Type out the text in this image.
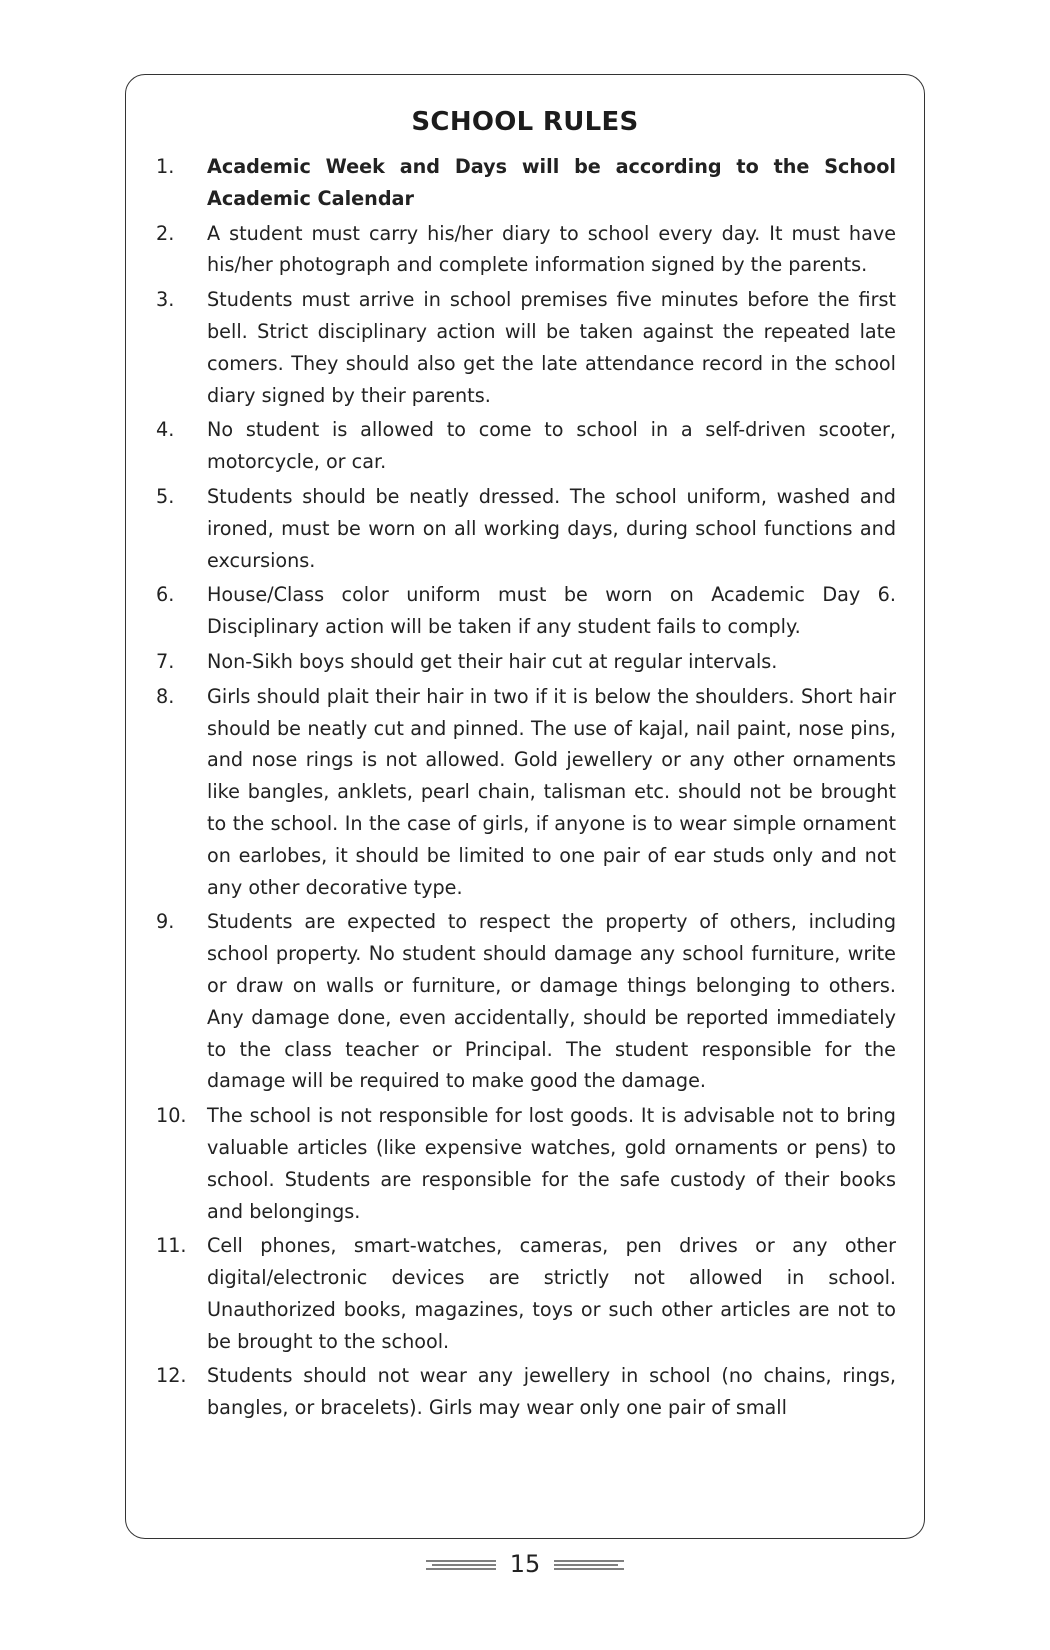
SCHOOL RULES
1. Academic Week and Days will be according to the School Academic Calendar
2. A student must carry his/her diary to school every day. It must have his/her photograph and complete information signed by the parents.
3. Students must arrive in school premises five minutes before the first bell. Strict disciplinary action will be taken against the repeated late comers. They should also get the late attendance record in the school diary signed by their parents.
4. No student is allowed to come to school in a self-driven scooter, motorcycle, or car.
5. Students should be neatly dressed. The school uniform, washed and ironed, must be worn on all working days, during school functions and excursions.
6. House/Class color uniform must be worn on Academic Day 6. Disciplinary action will be taken if any student fails to comply.
7. Non-Sikh boys should get their hair cut at regular intervals.
8. Girls should plait their hair in two if it is below the shoulders. Short hair should be neatly cut and pinned. The use of kajal, nail paint, nose pins, and nose rings is not allowed. Gold jewellery or any other ornaments like bangles, anklets, pearl chain, talisman etc. should not be brought to the school. In the case of girls, if anyone is to wear simple ornament on earlobes, it should be limited to one pair of ear studs only and not any other decorative type.
9. Students are expected to respect the property of others, including school property. No student should damage any school furniture, write or draw on walls or furniture, or damage things belonging to others. Any damage done, even accidentally, should be reported immediately to the class teacher or Principal. The student responsible for the damage will be required to make good the damage.
10. The school is not responsible for lost goods. It is advisable not to bring valuable articles (like expensive watches, gold ornaments or pens) to school. Students are responsible for the safe custody of their books and belongings.
11. Cell phones, smart-watches, cameras, pen drives or any other digital/electronic devices are strictly not allowed in school. Unauthorized books, magazines, toys or such other articles are not to be brought to the school.
12. Students should not wear any jewellery in school (no chains, rings, bangles, or bracelets). Girls may wear only one pair of small
15
